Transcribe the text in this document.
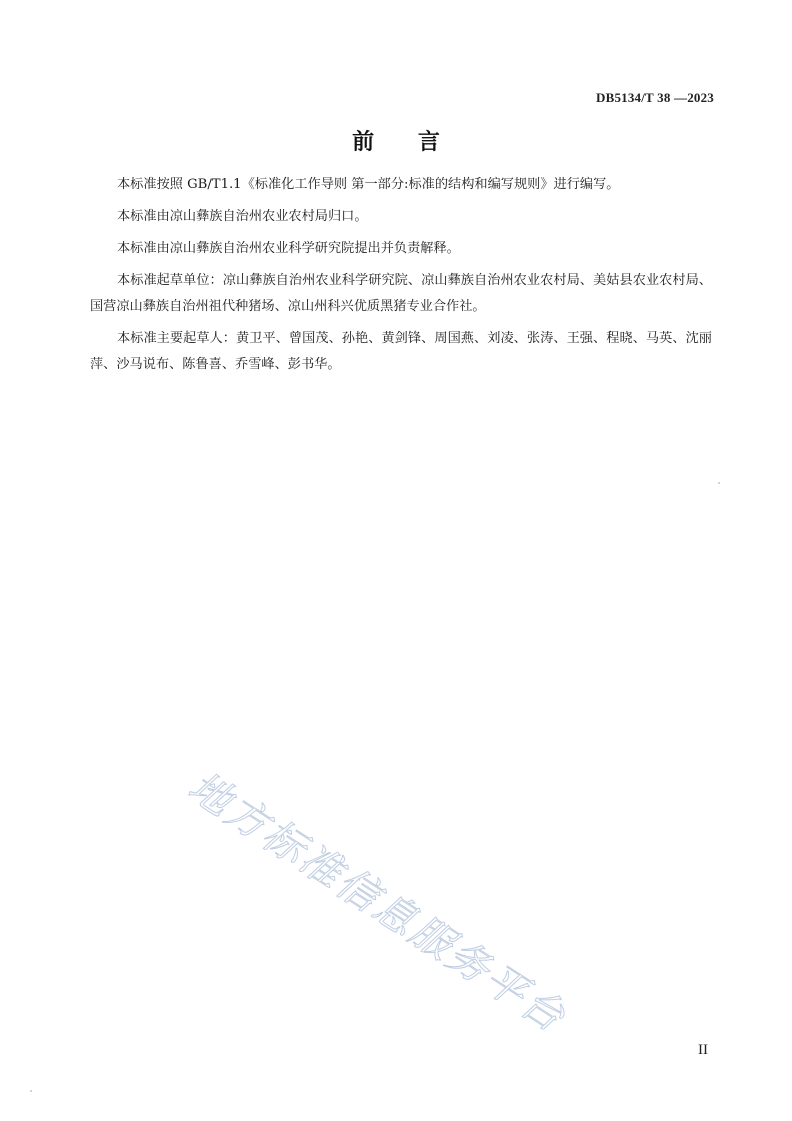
DB5134/T 38 —2023
前 言

本标准按照 GB/T1.1《标准化工作导则 第一部分:标准的结构和编写规则》进行编写。

本标准由凉山彝族自治州农业农村局归口。

本标准由凉山彝族自治州农业科学研究院提出并负责解释。

本标准起草单位：凉山彝族自治州农业科学研究院、凉山彝族自治州农业农村局、美姑县农业农村局、国营凉山彝族自治州祖代种猪场、凉山州科兴优质黑猪专业合作社。

本标准主要起草人：黄卫平、曾国茂、孙艳、黄剑锋、周国燕、刘凌、张涛、王强、程晓、马英、沈丽萍、沙马说布、陈鲁喜、乔雪峰、彭书华。

地方标准信息服务平台
II
